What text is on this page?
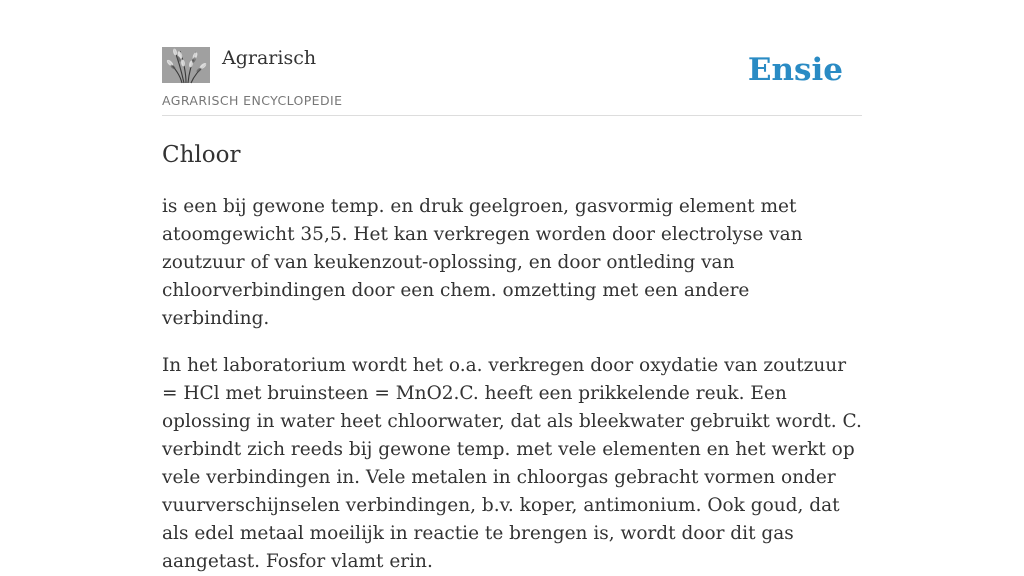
Agrarisch
AGRARISCH ENCYCLOPEDIE
Ensie
Chloor

is een bij gewone temp. en druk geelgroen, gasvormig element met atoomgewicht 35,5. Het kan verkregen worden door electrolyse van zoutzuur of van keukenzout-oplossing, en door ontleding van chloorverbindingen door een chem. omzetting met een andere verbinding.

In het laboratorium wordt het o.a. verkregen door oxydatie van zoutzuur = HCl met bruinsteen = MnO2.C. heeft een prikkelende reuk. Een oplossing in water heet chloorwater, dat als bleekwater gebruikt wordt. C. verbindt zich reeds bij gewone temp. met vele elementen en het werkt op vele verbindingen in. Vele metalen in chloorgas gebracht vormen onder vuurverschijnselen verbindingen, b.v. koper, antimonium. Ook goud, dat als edel metaal moeilijk in reactie te brengen is, wordt door dit gas aangetast. Fosfor vlamt erin.
